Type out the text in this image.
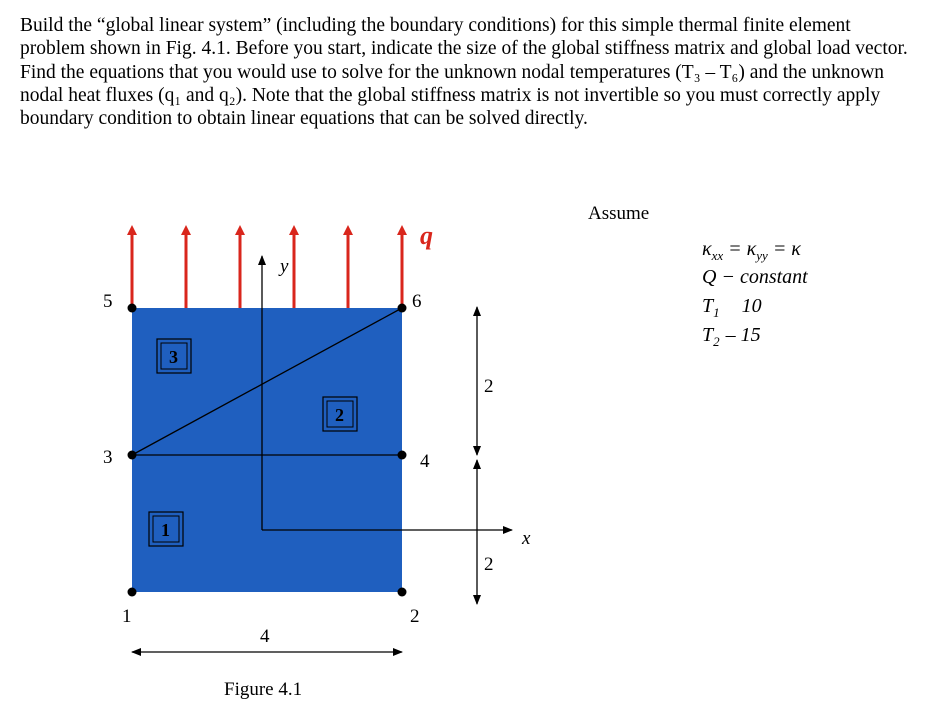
Build the “global linear system” (including the boundary conditions) for this simple thermal finite element problem shown in Fig. 4.1. Before you start, indicate the size of the global stiffness matrix and global load vector. Find the equations that you would use to solve for the unknown nodal temperatures (T₃ – T₆) and the unknown nodal heat fluxes (q₁ and q₂). Note that the global stiffness matrix is not invertible so you must correctly apply boundary condition to obtain linear equations that can be solved directly.

q
y
x
1	2
3	4
5	6
3
2
1
2
2
4
Figure 4.1
Assume
$\kappa_{xx} = \kappa_{yy} = \kappa$
Q − constant
$T_1$ 10
$T_2 - 15$
